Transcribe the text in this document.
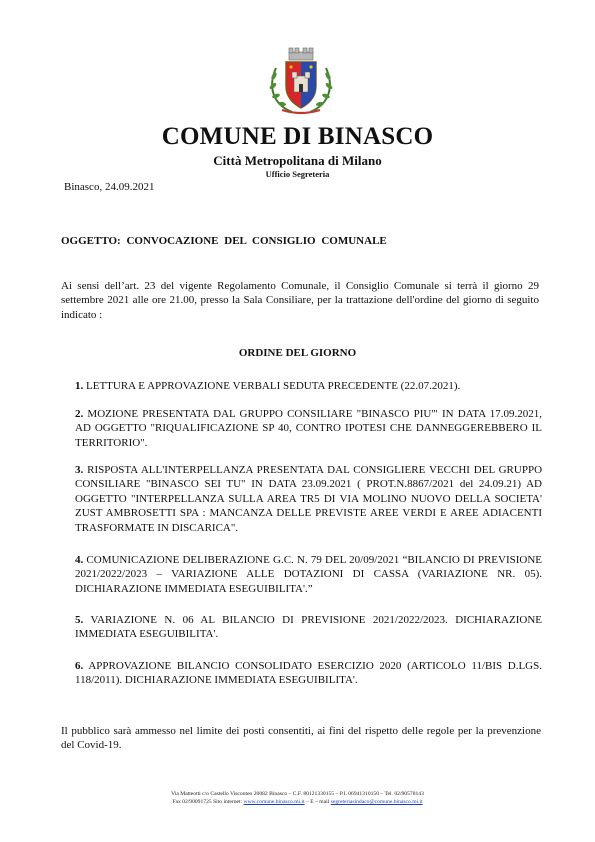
COMUNE DI BINASCO
Città Metropolitana di Milano
Ufficio Segreteria
Binasco, 24.09.2021
OGGETTO: CONVOCAZIONE DEL CONSIGLIO COMUNALE
Ai sensi dell’art. 23 del vigente Regolamento Comunale, il Consiglio Comunale si terrà il giorno 29 settembre 2021 alle ore 21.00, presso la Sala Consiliare, per la trattazione dell'ordine del giorno di seguito indicato :
ORDINE DEL GIORNO
1. LETTURA E APPROVAZIONE VERBALI SEDUTA PRECEDENTE (22.07.2021).
2. MOZIONE PRESENTATA DAL GRUPPO CONSILIARE "BINASCO PIU'" IN DATA 17.09.2021, AD OGGETTO "RIQUALIFICAZIONE SP 40, CONTRO IPOTESI CHE DANNEGGEREBBERO IL TERRITORIO".
3. RISPOSTA ALL'INTERPELLANZA PRESENTATA DAL CONSIGLIERE VECCHI DEL GRUPPO CONSILIARE "BINASCO SEI TU" IN DATA 23.09.2021 ( PROT.N.8867/2021 del 24.09.21) AD OGGETTO "INTERPELLANZA SULLA AREA TR5 DI VIA MOLINO NUOVO DELLA SOCIETA' ZUST AMBROSETTI SPA : MANCANZA DELLE PREVISTE AREE VERDI E AREE ADIACENTI TRASFORMATE IN DISCARICA".
4. COMUNICAZIONE DELIBERAZIONE G.C. N. 79 DEL 20/09/2021 “BILANCIO DI PREVISIONE 2021/2022/2023 – VARIAZIONE ALLE DOTAZIONI DI CASSA (VARIAZIONE NR. 05). DICHIARAZIONE IMMEDIATA ESEGUIBILITA'.”
5. VARIAZIONE N. 06 AL BILANCIO DI PREVISIONE 2021/2022/2023. DICHIARAZIONE IMMEDIATA ESEGUIBILITA'.
6. APPROVAZIONE BILANCIO CONSOLIDATO ESERCIZIO 2020 (ARTICOLO 11/BIS D.LGS. 118/2011). DICHIARAZIONE IMMEDIATA ESEGUIBILITA'.
Il pubblico sarà ammesso nel limite dei posti consentiti, ai fini del rispetto delle regole per la prevenzione del Covid-19.
Via Matteotti c/o Castello Visconteo 20082 Binasco – C.F. 80121330155 – P.I. 06941310150 – Tel. 02/90578143
Fax 02/90091725 Sito internet: www.comune.binasco.mi.it – E – mail segreteriasindaco@comune.binasco.mi.it
